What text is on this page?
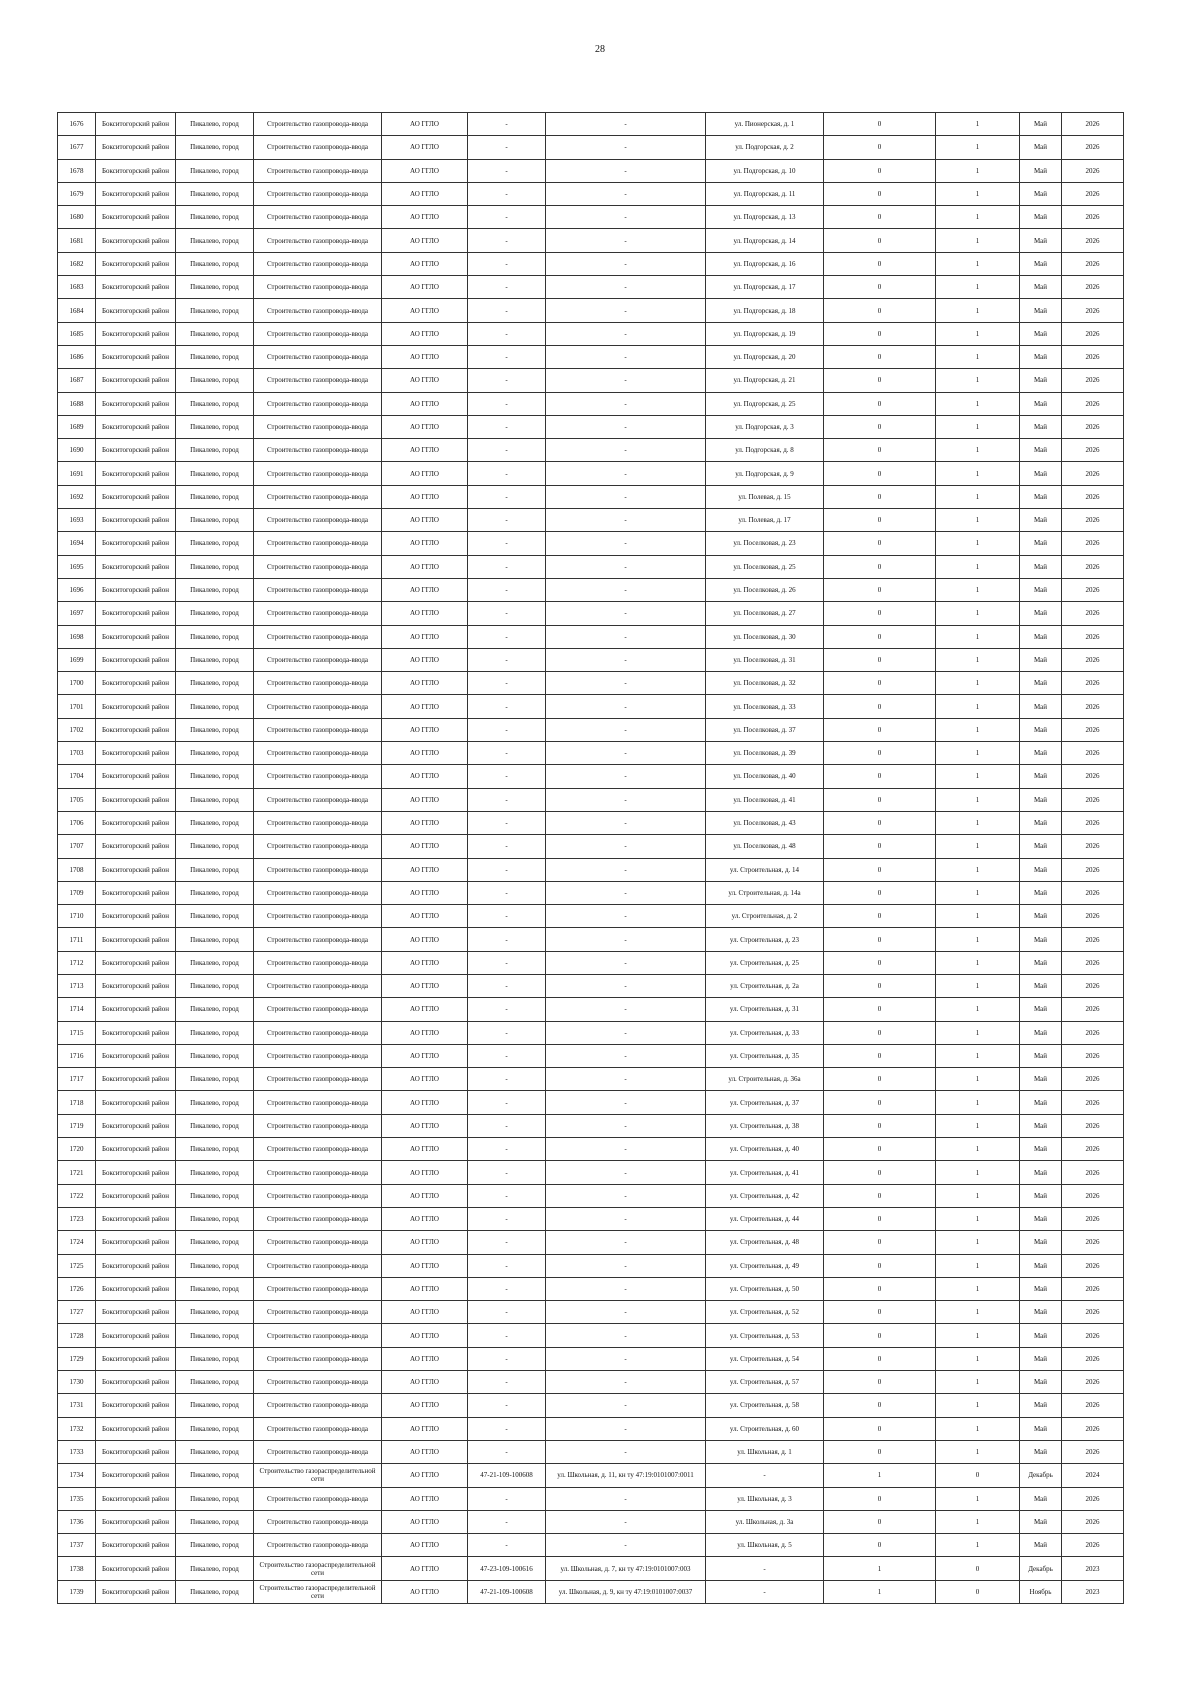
28
1676	Бокситогорский район	Пикалево, город	Строительство газопровода-ввода	АО ГГЛО	-	-	ул. Пионерская, д. 1	0	1	Май	2026
1677	Бокситогорский район	Пикалево, город	Строительство газопровода-ввода	АО ГГЛО	-	-	ул. Подгорская, д. 2	0	1	Май	2026
1678	Бокситогорский район	Пикалево, город	Строительство газопровода-ввода	АО ГГЛО	-	-	ул. Подгорская, д. 10	0	1	Май	2026
1679	Бокситогорский район	Пикалево, город	Строительство газопровода-ввода	АО ГГЛО	-	-	ул. Подгорская, д. 11	0	1	Май	2026
1680	Бокситогорский район	Пикалево, город	Строительство газопровода-ввода	АО ГГЛО	-	-	ул. Подгорская, д. 13	0	1	Май	2026
1681	Бокситогорский район	Пикалево, город	Строительство газопровода-ввода	АО ГГЛО	-	-	ул. Подгорская, д. 14	0	1	Май	2026
1682	Бокситогорский район	Пикалево, город	Строительство газопровода-ввода	АО ГГЛО	-	-	ул. Подгорская, д. 16	0	1	Май	2026
1683	Бокситогорский район	Пикалево, город	Строительство газопровода-ввода	АО ГГЛО	-	-	ул. Подгорская, д. 17	0	1	Май	2026
1684	Бокситогорский район	Пикалево, город	Строительство газопровода-ввода	АО ГГЛО	-	-	ул. Подгорская, д. 18	0	1	Май	2026
1685	Бокситогорский район	Пикалево, город	Строительство газопровода-ввода	АО ГГЛО	-	-	ул. Подгорская, д. 19	0	1	Май	2026
1686	Бокситогорский район	Пикалево, город	Строительство газопровода-ввода	АО ГГЛО	-	-	ул. Подгорская, д. 20	0	1	Май	2026
1687	Бокситогорский район	Пикалево, город	Строительство газопровода-ввода	АО ГГЛО	-	-	ул. Подгорская, д. 21	0	1	Май	2026
1688	Бокситогорский район	Пикалево, город	Строительство газопровода-ввода	АО ГГЛО	-	-	ул. Подгорская, д. 25	0	1	Май	2026
1689	Бокситогорский район	Пикалево, город	Строительство газопровода-ввода	АО ГГЛО	-	-	ул. Подгорская, д. 3	0	1	Май	2026
1690	Бокситогорский район	Пикалево, город	Строительство газопровода-ввода	АО ГГЛО	-	-	ул. Подгорская, д. 8	0	1	Май	2026
1691	Бокситогорский район	Пикалево, город	Строительство газопровода-ввода	АО ГГЛО	-	-	ул. Подгорская, д. 9	0	1	Май	2026
1692	Бокситогорский район	Пикалево, город	Строительство газопровода-ввода	АО ГГЛО	-	-	ул. Полевая, д. 15	0	1	Май	2026
1693	Бокситогорский район	Пикалево, город	Строительство газопровода-ввода	АО ГГЛО	-	-	ул. Полевая, д. 17	0	1	Май	2026
1694	Бокситогорский район	Пикалево, город	Строительство газопровода-ввода	АО ГГЛО	-	-	ул. Поселковая, д. 23	0	1	Май	2026
1695	Бокситогорский район	Пикалево, город	Строительство газопровода-ввода	АО ГГЛО	-	-	ул. Поселковая, д. 25	0	1	Май	2026
1696	Бокситогорский район	Пикалево, город	Строительство газопровода-ввода	АО ГГЛО	-	-	ул. Поселковая, д. 26	0	1	Май	2026
1697	Бокситогорский район	Пикалево, город	Строительство газопровода-ввода	АО ГГЛО	-	-	ул. Поселковая, д. 27	0	1	Май	2026
1698	Бокситогорский район	Пикалево, город	Строительство газопровода-ввода	АО ГГЛО	-	-	ул. Поселковая, д. 30	0	1	Май	2026
1699	Бокситогорский район	Пикалево, город	Строительство газопровода-ввода	АО ГГЛО	-	-	ул. Поселковая, д. 31	0	1	Май	2026
1700	Бокситогорский район	Пикалево, город	Строительство газопровода-ввода	АО ГГЛО	-	-	ул. Поселковая, д. 32	0	1	Май	2026
1701	Бокситогорский район	Пикалево, город	Строительство газопровода-ввода	АО ГГЛО	-	-	ул. Поселковая, д. 33	0	1	Май	2026
1702	Бокситогорский район	Пикалево, город	Строительство газопровода-ввода	АО ГГЛО	-	-	ул. Поселковая, д. 37	0	1	Май	2026
1703	Бокситогорский район	Пикалево, город	Строительство газопровода-ввода	АО ГГЛО	-	-	ул. Поселковая, д. 39	0	1	Май	2026
1704	Бокситогорский район	Пикалево, город	Строительство газопровода-ввода	АО ГГЛО	-	-	ул. Поселковая, д. 40	0	1	Май	2026
1705	Бокситогорский район	Пикалево, город	Строительство газопровода-ввода	АО ГГЛО	-	-	ул. Поселковая, д. 41	0	1	Май	2026
1706	Бокситогорский район	Пикалево, город	Строительство газопровода-ввода	АО ГГЛО	-	-	ул. Поселковая, д. 43	0	1	Май	2026
1707	Бокситогорский район	Пикалево, город	Строительство газопровода-ввода	АО ГГЛО	-	-	ул. Поселковая, д. 48	0	1	Май	2026
1708	Бокситогорский район	Пикалево, город	Строительство газопровода-ввода	АО ГГЛО	-	-	ул. Строительная, д. 14	0	1	Май	2026
1709	Бокситогорский район	Пикалево, город	Строительство газопровода-ввода	АО ГГЛО	-	-	ул. Строительная, д. 14а	0	1	Май	2026
1710	Бокситогорский район	Пикалево, город	Строительство газопровода-ввода	АО ГГЛО	-	-	ул. Строительная, д. 2	0	1	Май	2026
1711	Бокситогорский район	Пикалево, город	Строительство газопровода-ввода	АО ГГЛО	-	-	ул. Строительная, д. 23	0	1	Май	2026
1712	Бокситогорский район	Пикалево, город	Строительство газопровода-ввода	АО ГГЛО	-	-	ул. Строительная, д. 25	0	1	Май	2026
1713	Бокситогорский район	Пикалево, город	Строительство газопровода-ввода	АО ГГЛО	-	-	ул. Строительная, д. 2а	0	1	Май	2026
1714	Бокситогорский район	Пикалево, город	Строительство газопровода-ввода	АО ГГЛО	-	-	ул. Строительная, д. 31	0	1	Май	2026
1715	Бокситогорский район	Пикалево, город	Строительство газопровода-ввода	АО ГГЛО	-	-	ул. Строительная, д. 33	0	1	Май	2026
1716	Бокситогорский район	Пикалево, город	Строительство газопровода-ввода	АО ГГЛО	-	-	ул. Строительная, д. 35	0	1	Май	2026
1717	Бокситогорский район	Пикалево, город	Строительство газопровода-ввода	АО ГГЛО	-	-	ул. Строительная, д. 36а	0	1	Май	2026
1718	Бокситогорский район	Пикалево, город	Строительство газопровода-ввода	АО ГГЛО	-	-	ул. Строительная, д. 37	0	1	Май	2026
1719	Бокситогорский район	Пикалево, город	Строительство газопровода-ввода	АО ГГЛО	-	-	ул. Строительная, д. 38	0	1	Май	2026
1720	Бокситогорский район	Пикалево, город	Строительство газопровода-ввода	АО ГГЛО	-	-	ул. Строительная, д. 40	0	1	Май	2026
1721	Бокситогорский район	Пикалево, город	Строительство газопровода-ввода	АО ГГЛО	-	-	ул. Строительная, д. 41	0	1	Май	2026
1722	Бокситогорский район	Пикалево, город	Строительство газопровода-ввода	АО ГГЛО	-	-	ул. Строительная, д. 42	0	1	Май	2026
1723	Бокситогорский район	Пикалево, город	Строительство газопровода-ввода	АО ГГЛО	-	-	ул. Строительная, д. 44	0	1	Май	2026
1724	Бокситогорский район	Пикалево, город	Строительство газопровода-ввода	АО ГГЛО	-	-	ул. Строительная, д. 48	0	1	Май	2026
1725	Бокситогорский район	Пикалево, город	Строительство газопровода-ввода	АО ГГЛО	-	-	ул. Строительная, д. 49	0	1	Май	2026
1726	Бокситогорский район	Пикалево, город	Строительство газопровода-ввода	АО ГГЛО	-	-	ул. Строительная, д. 50	0	1	Май	2026
1727	Бокситогорский район	Пикалево, город	Строительство газопровода-ввода	АО ГГЛО	-	-	ул. Строительная, д. 52	0	1	Май	2026
1728	Бокситогорский район	Пикалево, город	Строительство газопровода-ввода	АО ГГЛО	-	-	ул. Строительная, д. 53	0	1	Май	2026
1729	Бокситогорский район	Пикалево, город	Строительство газопровода-ввода	АО ГГЛО	-	-	ул. Строительная, д. 54	0	1	Май	2026
1730	Бокситогорский район	Пикалево, город	Строительство газопровода-ввода	АО ГГЛО	-	-	ул. Строительная, д. 57	0	1	Май	2026
1731	Бокситогорский район	Пикалево, город	Строительство газопровода-ввода	АО ГГЛО	-	-	ул. Строительная, д. 58	0	1	Май	2026
1732	Бокситогорский район	Пикалево, город	Строительство газопровода-ввода	АО ГГЛО	-	-	ул. Строительная, д. 60	0	1	Май	2026
1733	Бокситогорский район	Пикалево, город	Строительство газопровода-ввода	АО ГГЛО	-	-	ул. Школьная, д. 1	0	1	Май	2026
1734	Бокситогорский район	Пикалево, город	Строительство газораспределительной сети	АО ГГЛО	47-21-109-100608	ул. Школьная, д. 11, кн ту 47:19:0101007:0011	-	1	0	Декабрь	2024
1735	Бокситогорский район	Пикалево, город	Строительство газопровода-ввода	АО ГГЛО	-	-	ул. Школьная, д. 3	0	1	Май	2026
1736	Бокситогорский район	Пикалево, город	Строительство газопровода-ввода	АО ГГЛО	-	-	ул. Школьная, д. 3а	0	1	Май	2026
1737	Бокситогорский район	Пикалево, город	Строительство газопровода-ввода	АО ГГЛО	-	-	ул. Школьная, д. 5	0	1	Май	2026
1738	Бокситогорский район	Пикалево, город	Строительство газораспределительной сети	АО ГГЛО	47-23-109-100616	ул. Школьная, д. 7, кн ту 47:19:0101007:003	-	1	0	Декабрь	2023
1739	Бокситогорский район	Пикалево, город	Строительство газораспределительной сети	АО ГГЛО	47-21-109-100608	ул. Школьная, д. 9, кн ту 47:19:0101007:0037	-	1	0	Ноябрь	2023
